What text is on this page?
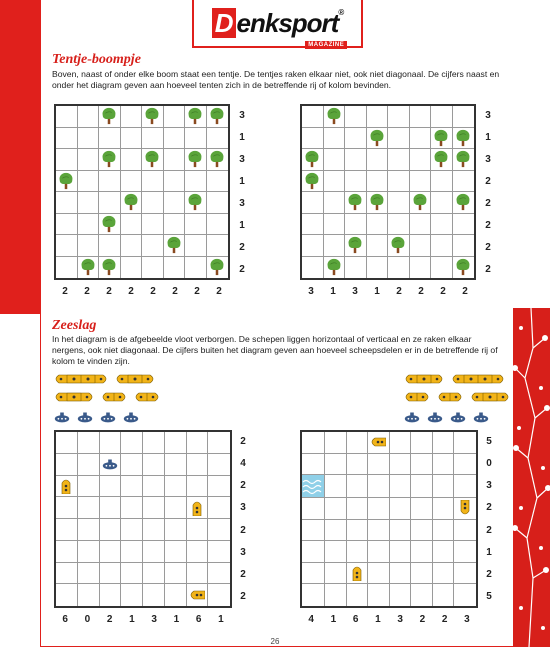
D enksport®
MAGAZINE
Tentje-boompje
Boven, naast of onder elke boom staat een tentje. De tentjes raken elkaar niet, ook niet diagonaal. De cijfers naast en onder het diagram geven aan hoeveel tenten zich in de betreffende rij of kolom bevinden.
3
1
3
1
3
1
2
2
2	2	2	2	2	2	2	2
3
1
3
2
2
2
2
2
3	1	3	1	2	2	2	2
Zeeslag
In het diagram is de afgebeelde vloot verborgen. De schepen liggen horizontaal of verticaal en ze raken elkaar nergens, ook niet diagonaal. De cijfers buiten het diagram geven aan hoeveel scheepsdelen er in de betreffende rij of kolom te vinden zijn.
2
4
2
3
2
3
2
2
6	0	2	1	3	1	6	1
5
0
3
2
2
1
2
5
4	1	6	1	3	2	2	3
26
